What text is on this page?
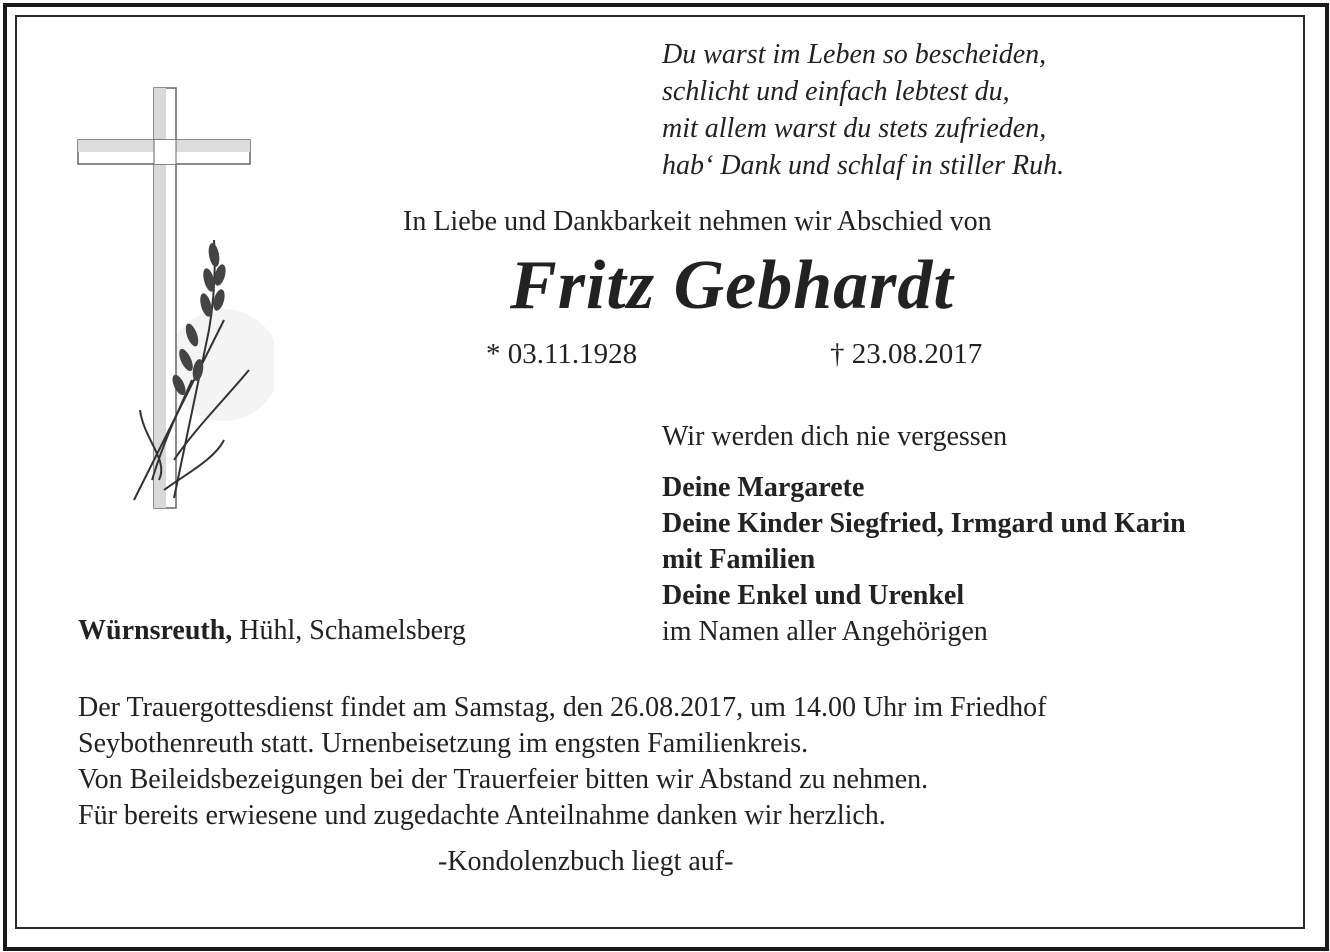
Du warst im Leben so bescheiden,
schlicht und einfach lebtest du,
mit allem warst du stets zufrieden,
hab‘ Dank und schlaf in stiller Ruh.
In Liebe und Dankbarkeit nehmen wir Abschied von
Fritz Gebhardt
* 03.11.1928	† 23.08.2017
Wir werden dich nie vergessen
Deine Margarete
Deine Kinder Siegfried, Irmgard und Karin
mit Familien
Deine Enkel und Urenkel
im Namen aller Angehörigen
Würnsreuth, Hühl, Schamelsberg
Der Trauergottesdienst findet am Samstag, den 26.08.2017, um 14.00 Uhr im Friedhof
Seybothenreuth statt. Urnenbeisetzung im engsten Familienkreis.
Von Beileidsbezeigungen bei der Trauerfeier bitten wir Abstand zu nehmen.
Für bereits erwiesene und zugedachte Anteilnahme danken wir herzlich.
-Kondolenzbuch liegt auf-
